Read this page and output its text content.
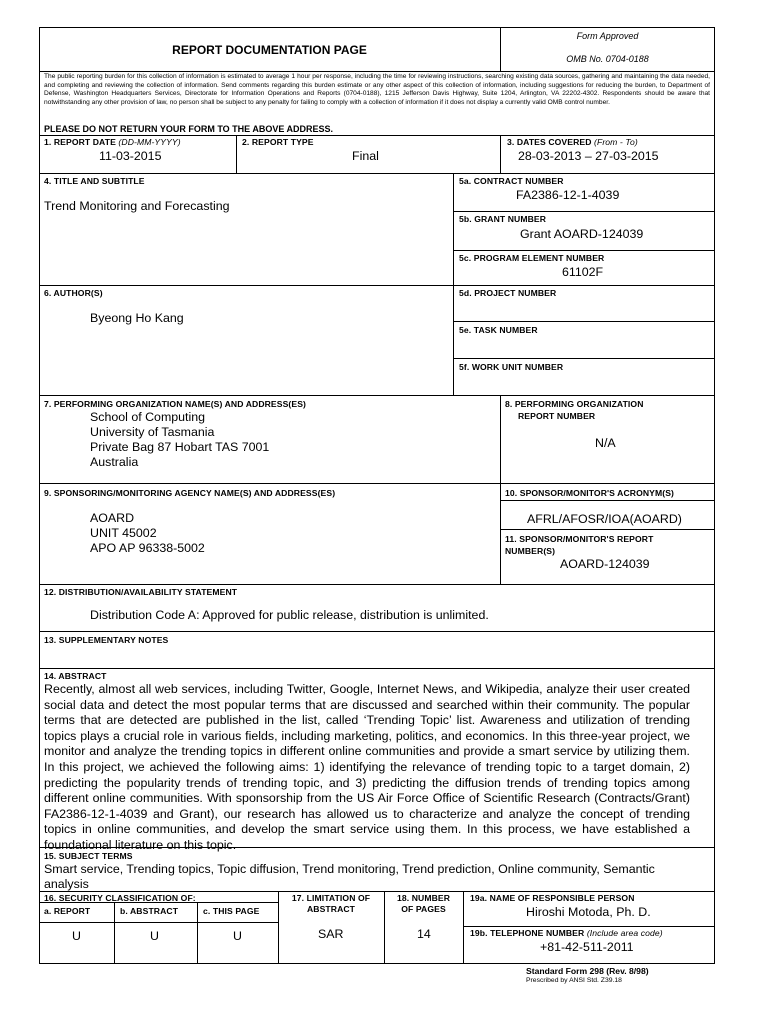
REPORT DOCUMENTATION PAGE
Form Approved
OMB No. 0704-0188
The public reporting burden for this collection of information is estimated to average 1 hour per response, including the time for reviewing instructions, searching existing data sources, gathering and maintaining the data needed, and completing and reviewing the collection of information. Send comments regarding this burden estimate or any other aspect of this collection of information, including suggestions for reducing the burden, to Department of Defense, Washington Headquarters Services, Directorate for Information Operations and Reports (0704-0188), 1215 Jefferson Davis Highway, Suite 1204, Arlington, VA 22202-4302. Respondents should be aware that notwithstanding any other provision of law, no person shall be subject to any penalty for failing to comply with a collection of information if it does not display a currently valid OMB control number.
PLEASE DO NOT RETURN YOUR FORM TO THE ABOVE ADDRESS.
1. REPORT DATE (DD-MM-YYYY)
11-03-2015
2. REPORT TYPE
Final
3. DATES COVERED (From - To)
28-03-2013 – 27-03-2015
4. TITLE AND SUBTITLE
Trend Monitoring and Forecasting
5a. CONTRACT NUMBER
FA2386-12-1-4039
5b. GRANT NUMBER
Grant AOARD-124039
5c. PROGRAM ELEMENT NUMBER
61102F
6. AUTHOR(S)
Byeong Ho Kang
5d. PROJECT NUMBER
5e. TASK NUMBER
5f. WORK UNIT NUMBER
7. PERFORMING ORGANIZATION NAME(S) AND ADDRESS(ES)
School of Computing
University of Tasmania
Private Bag 87 Hobart TAS 7001
Australia
8. PERFORMING ORGANIZATION
REPORT NUMBER
N/A
9. SPONSORING/MONITORING AGENCY NAME(S) AND ADDRESS(ES)
AOARD
UNIT 45002
APO AP 96338-5002
10. SPONSOR/MONITOR'S ACRONYM(S)
AFRL/AFOSR/IOA(AOARD)
11. SPONSOR/MONITOR'S REPORT
NUMBER(S)
AOARD-124039
12. DISTRIBUTION/AVAILABILITY STATEMENT
Distribution Code A: Approved for public release, distribution is unlimited.
13. SUPPLEMENTARY NOTES
14. ABSTRACT
Recently, almost all web services, including Twitter, Google, Internet News, and Wikipedia, analyze their user created social data and detect the most popular terms that are discussed and searched within their community. The popular terms that are detected are published in the list, called ‘Trending Topic’ list. Awareness and utilization of trending topics plays a crucial role in various fields, including marketing, politics, and economics. In this three-year project, we monitor and analyze the trending topics in different online communities and provide a smart service by utilizing them. In this project, we achieved the following aims: 1) identifying the relevance of trending topic to a target domain, 2) predicting the popularity trends of trending topic, and 3) predicting the diffusion trends of trending topics among different online communities. With sponsorship from the US Air Force Office of Scientific Research (Contracts/Grant) FA2386-12-1-4039 and Grant), our research has allowed us to characterize and analyze the concept of trending topics in online communities, and develop the smart service using them. In this process, we have established a foundational literature on this topic.
15. SUBJECT TERMS
Smart service, Trending topics, Topic diffusion, Trend monitoring, Trend prediction, Online community, Semantic analysis
16. SECURITY CLASSIFICATION OF:
a. REPORT	b. ABSTRACT	c. THIS PAGE
U	U	U
17. LIMITATION OF
ABSTRACT
SAR
18. NUMBER
OF PAGES
14
19a. NAME OF RESPONSIBLE PERSON
Hiroshi Motoda, Ph. D.
19b. TELEPHONE NUMBER (Include area code)
+81-42-511-2011
Standard Form 298 (Rev. 8/98)
Prescribed by ANSI Std. Z39.18
